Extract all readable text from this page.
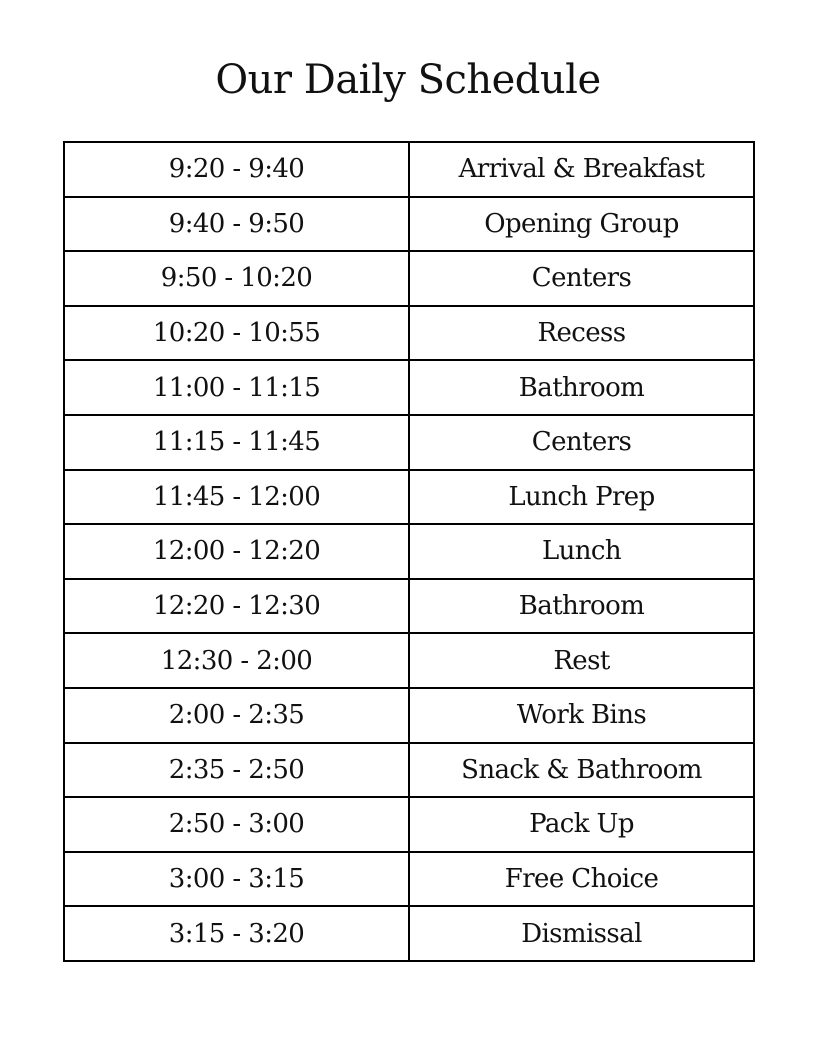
Our Daily Schedule
9:20 - 9:40	Arrival & Breakfast
9:40 - 9:50	Opening Group
9:50 - 10:20	Centers
10:20 - 10:55	Recess
11:00 - 11:15	Bathroom
11:15 - 11:45	Centers
11:45 - 12:00	Lunch Prep
12:00 - 12:20	Lunch
12:20 - 12:30	Bathroom
12:30 - 2:00	Rest
2:00 - 2:35	Work Bins
2:35 - 2:50	Snack & Bathroom
2:50 - 3:00	Pack Up
3:00 - 3:15	Free Choice
3:15 - 3:20	Dismissal
